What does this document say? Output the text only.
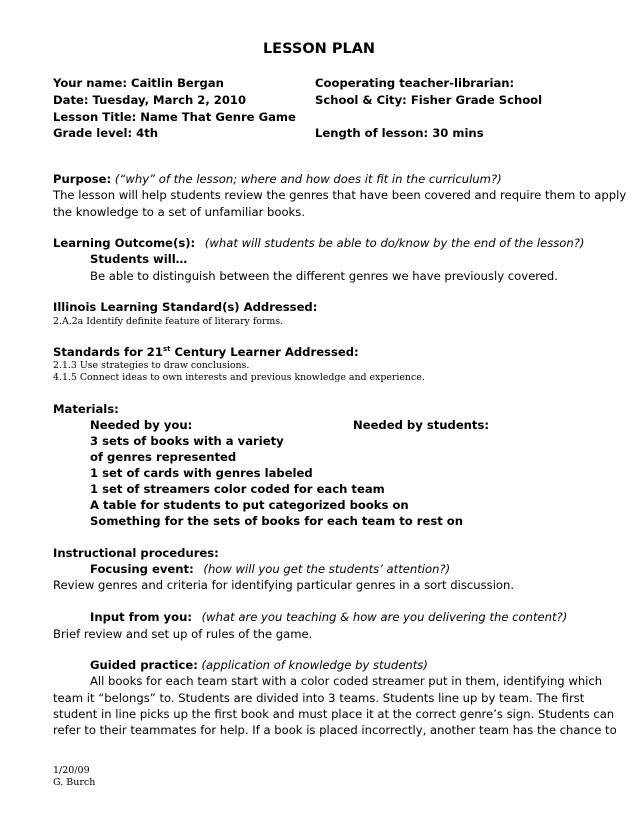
LESSON PLAN
Your name: Caitlin Bergan
Date: Tuesday, March 2, 2010
Lesson Title: Name That Genre Game
Grade level: 4th
Cooperating teacher-librarian:
School & City: Fisher Grade School
Length of lesson: 30 mins
Purpose: (“why” of the lesson; where and how does it fit in the curriculum?)
The lesson will help students review the genres that have been covered and require them to apply
the knowledge to a set of unfamiliar books.
Learning Outcome(s): (what will students be able to do/know by the end of the lesson?)
Students will…
Be able to distinguish between the different genres we have previously covered.
Illinois Learning Standard(s) Addressed:
2.A.2a Identify definite feature of literary forms.
Standards for 21st Century Learner Addressed:
2.1.3 Use strategies to draw conclusions.
4.1.5 Connect ideas to own interests and previous knowledge and experience.
Materials:
Needed by you:	Needed by students:
3 sets of books with a variety
of genres represented
1 set of cards with genres labeled
1 set of streamers color coded for each team
A table for students to put categorized books on
Something for the sets of books for each team to rest on
Instructional procedures:
Focusing event: (how will you get the students’ attention?)
Review genres and criteria for identifying particular genres in a sort discussion.
Input from you: (what are you teaching & how are you delivering the content?)
Brief review and set up of rules of the game.
Guided practice: (application of knowledge by students)
All books for each team start with a color coded streamer put in them, identifying which
team it “belongs” to. Students are divided into 3 teams. Students line up by team. The first
student in line picks up the first book and must place it at the correct genre’s sign. Students can
refer to their teammates for help. If a book is placed incorrectly, another team has the chance to
1/20/09
G. Burch
